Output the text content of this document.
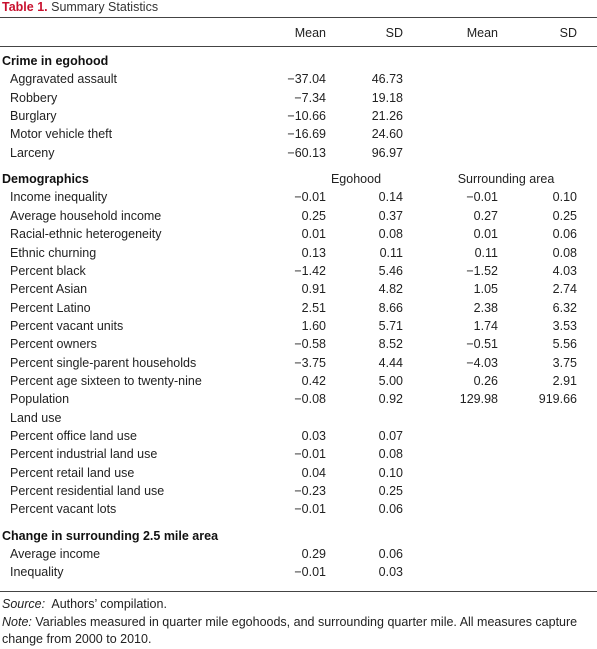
Table 1. Summary Statistics
Mean	SD	Mean	SD
Crime in egohood
Aggravated assault	−37.04	46.73
Robbery	−7.34	19.18
Burglary	−10.66	21.26
Motor vehicle theft	−16.69	24.60
Larceny	−60.13	96.97
Demographics	Egohood	Surrounding area
Income inequality	−0.01	0.14	−0.01	0.10
Average household income	0.25	0.37	0.27	0.25
Racial-ethnic heterogeneity	0.01	0.08	0.01	0.06
Ethnic churning	0.13	0.11	0.11	0.08
Percent black	−1.42	5.46	−1.52	4.03
Percent Asian	0.91	4.82	1.05	2.74
Percent Latino	2.51	8.66	2.38	6.32
Percent vacant units	1.60	5.71	1.74	3.53
Percent owners	−0.58	8.52	−0.51	5.56
Percent single-parent households	−3.75	4.44	−4.03	3.75
Percent age sixteen to twenty-nine	0.42	5.00	0.26	2.91
Population	−0.08	0.92	129.98	919.66
Land use
Percent office land use	0.03	0.07
Percent industrial land use	−0.01	0.08
Percent retail land use	0.04	0.10
Percent residential land use	−0.23	0.25
Percent vacant lots	−0.01	0.06
Change in surrounding 2.5 mile area
Average income	0.29	0.06
Inequality	−0.01	0.03
Source: Authors’ compilation.
Note: Variables measured in quarter mile egohoods, and surrounding quarter mile. All measures capture change from 2000 to 2010.
